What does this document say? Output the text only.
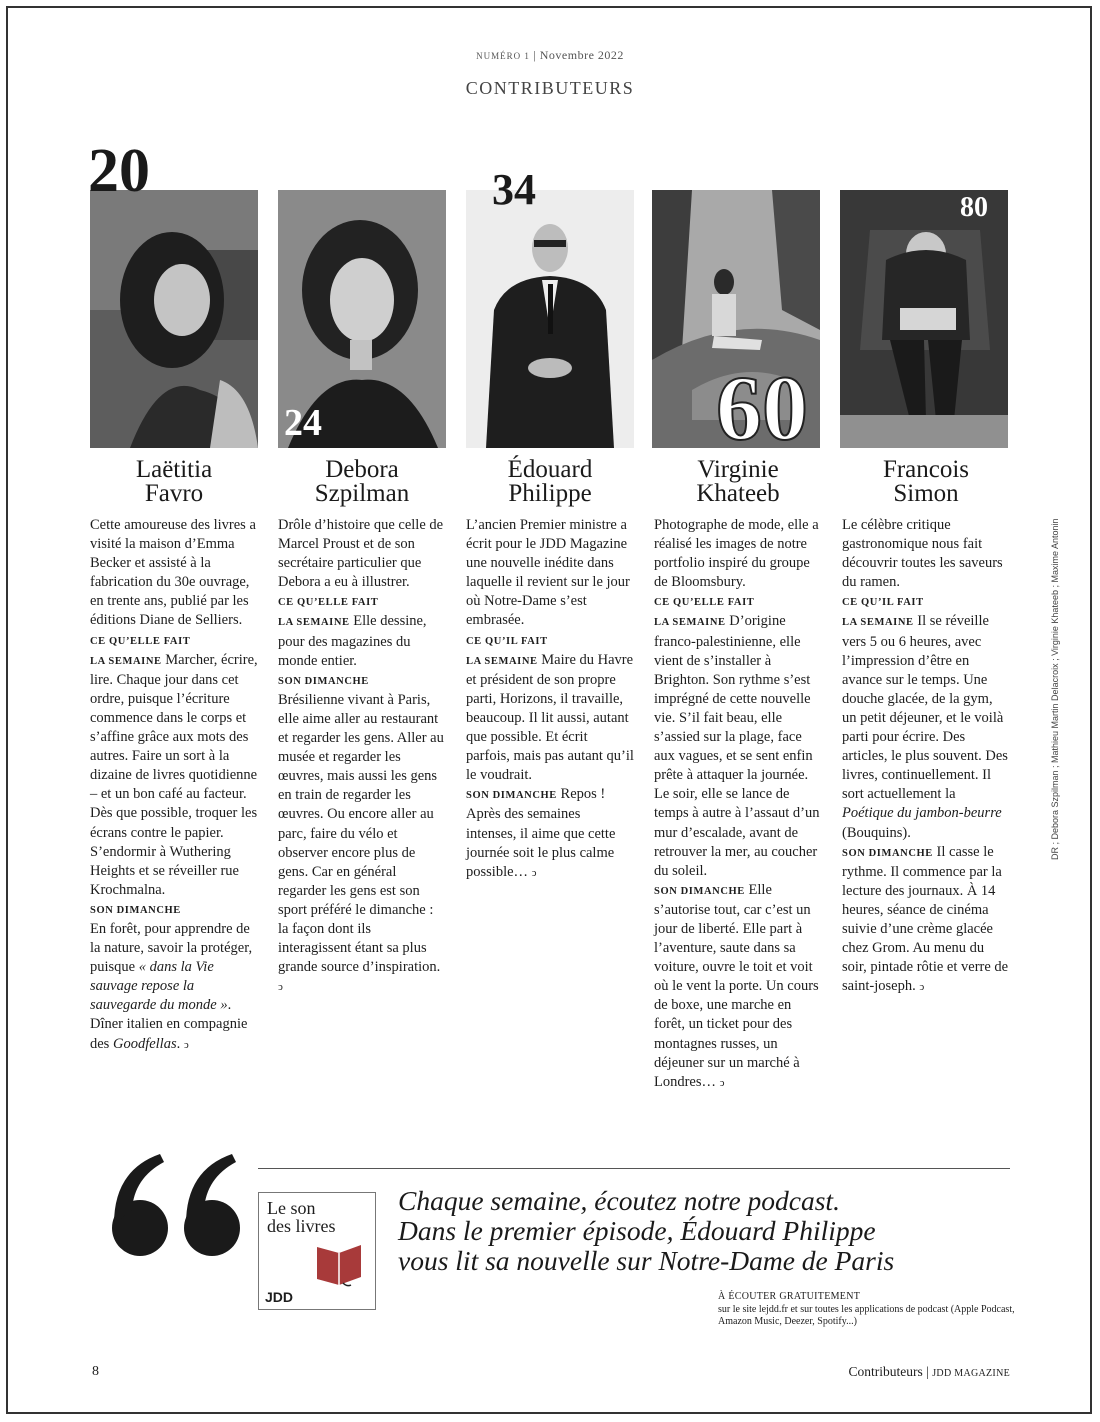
NUMÉRO 1 | Novembre 2022
CONTRIBUTEURS
20
24
34
60
80
Laëtitia
Favro
Debora
Szpilman
Édouard
Philippe
Virginie
Khateeb
Francois
Simon

Cette amoureuse des livres a visité la maison d’Emma Becker et assisté à la fabrication du 30e ouvrage, en trente ans, publié par les éditions Diane de Selliers.

CE QU’ELLE FAIT

LA SEMAINE Marcher, écrire, lire. Chaque jour dans cet ordre, puisque l’écriture commence dans le corps et s’affine grâce aux mots des autres. Faire un sort à la dizaine de livres quotidienne – et un bon café au facteur. Dès que possible, troquer les écrans contre le papier. S’endormir à Wuthering Heights et se réveiller rue Krochmalna.

SON DIMANCHE

En forêt, pour apprendre de la nature, savoir la protéger, puisque « dans la Vie sauvage repose la sauvegarde du monde ». Dîner italien en compagnie des Goodfellas. ↄ

Drôle d’histoire que celle de Marcel Proust et de son secrétaire particulier que Debora a eu à illustrer.

CE QU’ELLE FAIT

LA SEMAINE Elle dessine, pour des magazines du monde entier.

SON DIMANCHE

Brésilienne vivant à Paris, elle aime aller au restaurant et regarder les gens. Aller au musée et regarder les œuvres, mais aussi les gens en train de regarder les œuvres. Ou encore aller au parc, faire du vélo et observer encore plus de gens. Car en général regarder les gens est son sport préféré le dimanche : la façon dont ils interagissent étant sa plus grande source d’inspiration. ↄ

L’ancien Premier ministre a écrit pour le JDD Magazine une nouvelle inédite dans laquelle il revient sur le jour où Notre-Dame s’est embrasée.

CE QU’IL FAIT

LA SEMAINE Maire du Havre et président de son propre parti, Horizons, il travaille, beaucoup. Il lit aussi, autant que possible. Et écrit parfois, mais pas autant qu’il le voudrait.

SON DIMANCHE Repos ! Après des semaines intenses, il aime que cette journée soit le plus calme possible… ↄ

Photographe de mode, elle a réalisé les images de notre portfolio inspiré du groupe de Bloomsbury.

CE QU’ELLE FAIT

LA SEMAINE D’origine franco-palestinienne, elle vient de s’installer à Brighton. Son rythme s’est imprégné de cette nouvelle vie. S’il fait beau, elle s’assied sur la plage, face aux vagues, et se sent enfin prête à attaquer la journée. Le soir, elle se lance de temps à autre à l’assaut d’un mur d’escalade, avant de retrouver la mer, au coucher du soleil.

SON DIMANCHE Elle s’autorise tout, car c’est un jour de liberté. Elle part à l’aventure, saute dans sa voiture, ouvre le toit et voit où le vent la porte. Un cours de boxe, une marche en forêt, un ticket pour des montagnes russes, un déjeuner sur un marché à Londres… ↄ

Le célèbre critique gastronomique nous fait découvrir toutes les saveurs du ramen.

CE QU’IL FAIT

LA SEMAINE Il se réveille vers 5 ou 6 heures, avec l’impression d’être en avance sur le temps. Une douche glacée, de la gym, un petit déjeuner, et le voilà parti pour écrire. Des articles, le plus souvent. Des livres, continuellement. Il sort actuellement la Poétique du jambon-beurre (Bouquins).

SON DIMANCHE Il casse le rythme. Il commence par la lecture des journaux. À 14 heures, séance de cinéma suivie d’une crème glacée chez Grom. Au menu du soir, pintade rôtie et verre de saint-joseph. ↄ

DR ; Debora Szpilman ; Mathieu Martin Delacroix ; Virginie Khateeb ; Maxime Antonin
Le son
des livres
JDD
Chaque semaine, écoutez notre podcast.
Dans le premier épisode, Édouard Philippe
vous lit sa nouvelle sur Notre-Dame de Paris
À ÉCOUTER GRATUITEMENT
sur le site lejdd.fr et sur toutes les applications de podcast (Apple Podcast, Amazon Music, Deezer, Spotify...)
8	Contributeurs | JDD MAGAZINE
